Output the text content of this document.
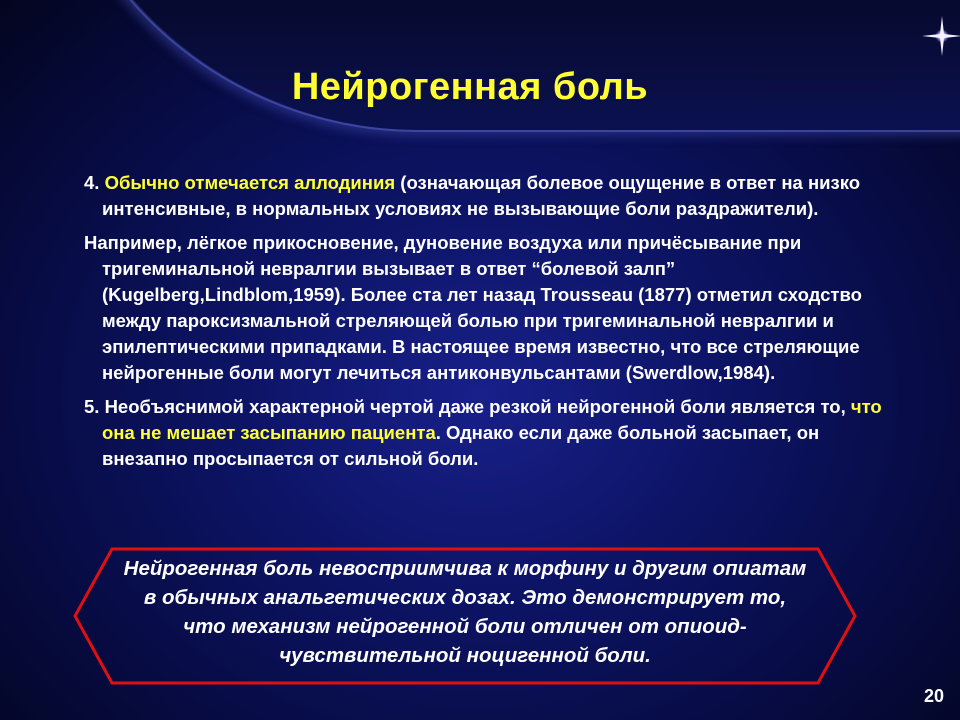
Нейрогенная боль

4. Обычно отмечается аллодиния (означающая болевое ощущение в ответ на низко интенсивные, в нормальных условиях не вызывающие боли раздражители).

Например, лёгкое прикосновение, дуновение воздуха или причёсывание при тригеминальной невралгии вызывает в ответ “болевой залп” (Kugelberg,Lindblom,1959). Более ста лет назад Trousseau (1877) отметил сходство между пароксизмальной стреляющей болью при тригеминальной невралгии и эпилептическими припадками. В настоящее время известно, что все стреляющие нейрогенные боли могут лечиться антиконвульсантами (Swerdlow,1984).

5. Необъяснимой характерной чертой даже резкой нейрогенной боли является то, что она не мешает засыпанию пациента. Однако если даже больной засыпает, он внезапно просыпается от сильной боли.

Нейрогенная боль невосприимчива к морфину и другим опиатам
в обычных анальгетических дозах. Это демонстрирует то,
что механизм нейрогенной боли отличен от опиоид-
чувствительной ноцигенной боли.
20
